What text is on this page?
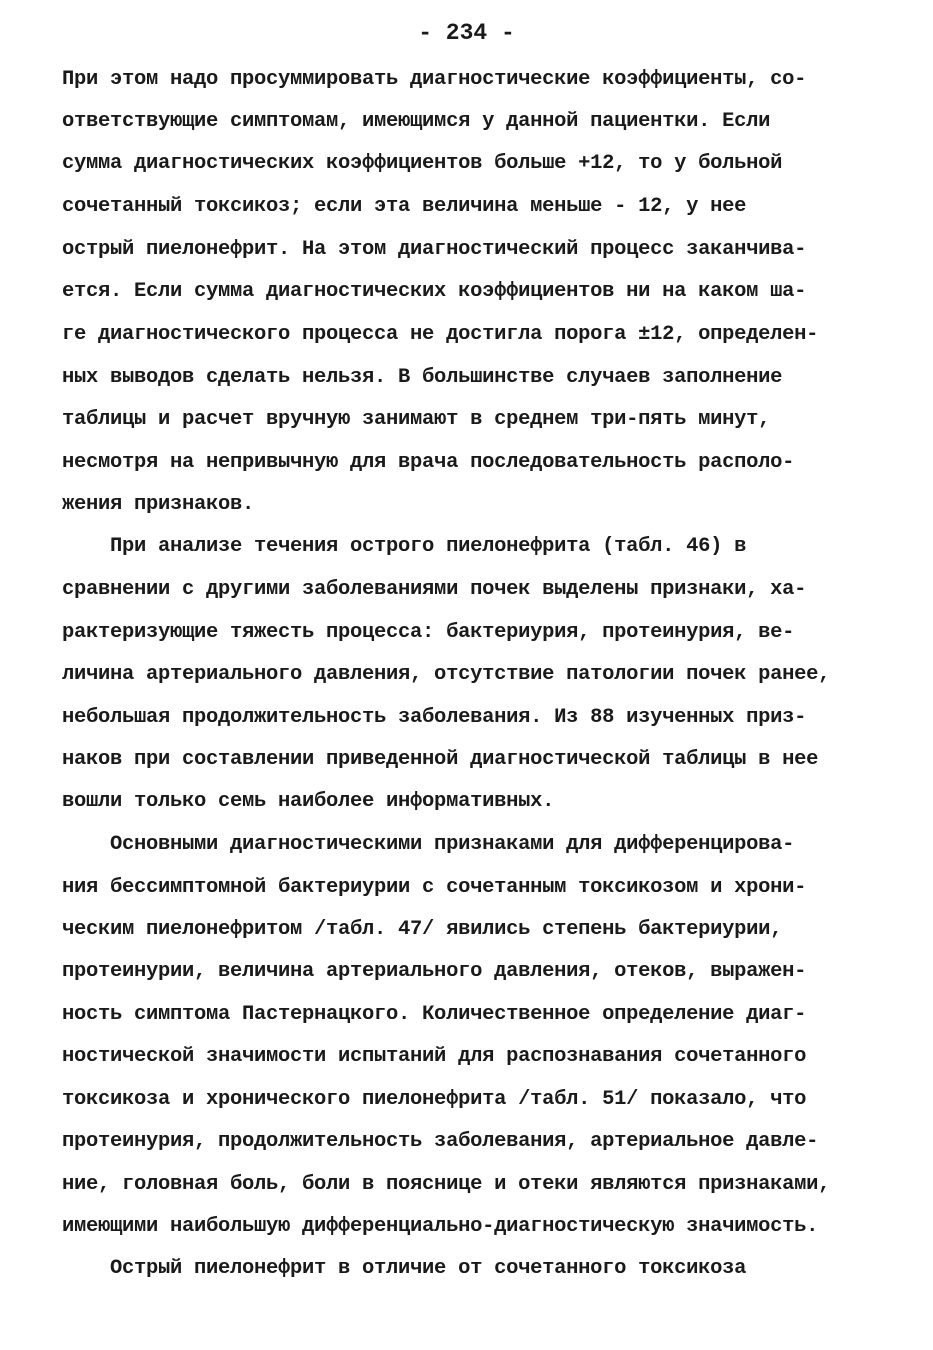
- 234 -
При этом надо просуммировать диагностические коэффициенты, со-
ответствующие симптомам, имеющимся у данной пациентки. Если
сумма диагностических коэффициентов больше +12, то у больной
сочетанный токсикоз; если эта величина меньше - 12, у нее
острый пиелонефрит. На этом диагностический процесс заканчива-
ется. Если сумма диагностических коэффициентов ни на каком ша-
ге диагностического процесса не достигла порога ±12, определен-
ных выводов сделать нельзя. В большинстве случаев заполнение
таблицы и расчет вручную занимают в среднем три-пять минут,
несмотря на непривычную для врача последовательность располо-
жения признаков.
При анализе течения острого пиелонефрита (табл. 46) в
сравнении с другими заболеваниями почек выделены признаки, ха-
рактеризующие тяжесть процесса: бактериурия, протеинурия, ве-
личина артериального давления, отсутствие патологии почек ранее,
небольшая продолжительность заболевания. Из 88 изученных приз-
наков при составлении приведенной диагностической таблицы в нее
вошли только семь наиболее информативных.
Основными диагностическими признаками для дифференцирова-
ния бессимптомной бактериурии с сочетанным токсикозом и хрони-
ческим пиелонефритом /табл. 47/ явились степень бактериурии,
протеинурии, величина артериального давления, отеков, выражен-
ность симптома Пастернацкого. Количественное определение диаг-
ностической значимости испытаний для распознавания сочетанного
токсикоза и хронического пиелонефрита /табл. 51/ показало, что
протеинурия, продолжительность заболевания, артериальное давле-
ние, головная боль, боли в пояснице и отеки являются признаками,
имеющими наибольшую дифференциально-диагностическую значимость.
Острый пиелонефрит в отличие от сочетанного токсикоза
